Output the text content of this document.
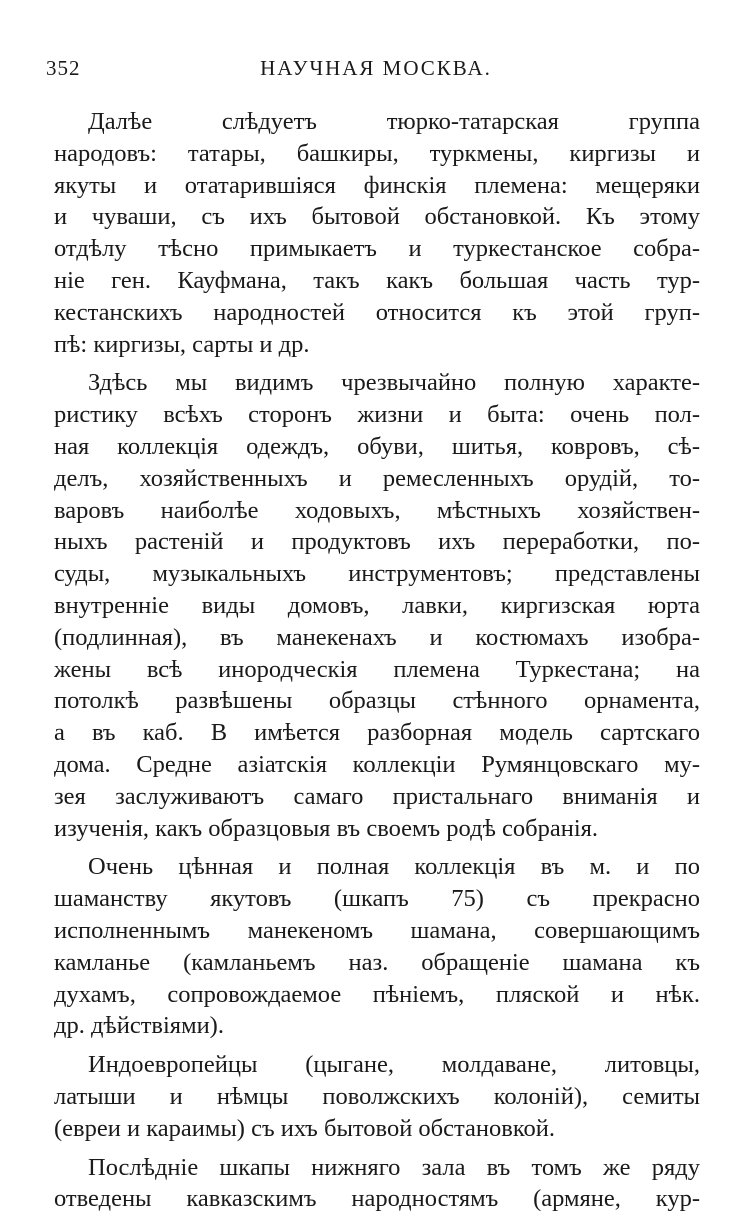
352	НАУЧНАЯ МОСКВА.
Далѣе слѣдуетъ тюрко-татарская группа
народовъ: татары, башкиры, туркмены, киргизы и
якуты и отатарившіяся финскія племена: мещеряки
и чуваши, съ ихъ бытовой обстановкой. Къ этому
отдѣлу тѣсно примыкаетъ и туркестанское собра-
ніе ген. Кауфмана, такъ какъ большая часть тур-
кестанскихъ народностей относится къ этой груп-
пѣ: киргизы, сарты и др.
Здѣсь мы видимъ чрезвычайно полную характе-
ристику всѣхъ сторонъ жизни и быта: очень пол-
ная коллекція одеждъ, обуви, шитья, ковровъ, сѣ-
делъ, хозяйственныхъ и ремесленныхъ орудій, то-
варовъ наиболѣе ходовыхъ, мѣстныхъ хозяйствен-
ныхъ растеній и продуктовъ ихъ переработки, по-
суды, музыкальныхъ инструментовъ; представлены
внутренніе виды домовъ, лавки, киргизская юрта
(подлинная), въ манекенахъ и костюмахъ изобра-
жены всѣ инородческія племена Туркестана; на
потолкѣ развѣшены образцы стѣнного орнамента,
а въ каб. В имѣется разборная модель сартскаго
дома. Средне азіатскія коллекціи Румянцовскаго му-
зея заслуживаютъ самаго пристальнаго вниманія и
изученія, какъ образцовыя въ своемъ родѣ собранія.
Очень цѣнная и полная коллекція въ м. и по
шаманству якутовъ (шкапъ 75) съ прекрасно
исполненнымъ манекеномъ шамана, совершающимъ
камланье (камланьемъ наз. обращеніе шамана къ
духамъ, сопровождаемое пѣніемъ, пляской и нѣк.
др. дѣйствіями).
Индоевропейцы (цыгане, молдаване, литовцы,
латыши и нѣмцы поволжскихъ колоній), семиты
(евреи и караимы) съ ихъ бытовой обстановкой.
Послѣдніе шкапы нижняго зала въ томъ же ряду
отведены кавказскимъ народностямъ (армяне, кур-
